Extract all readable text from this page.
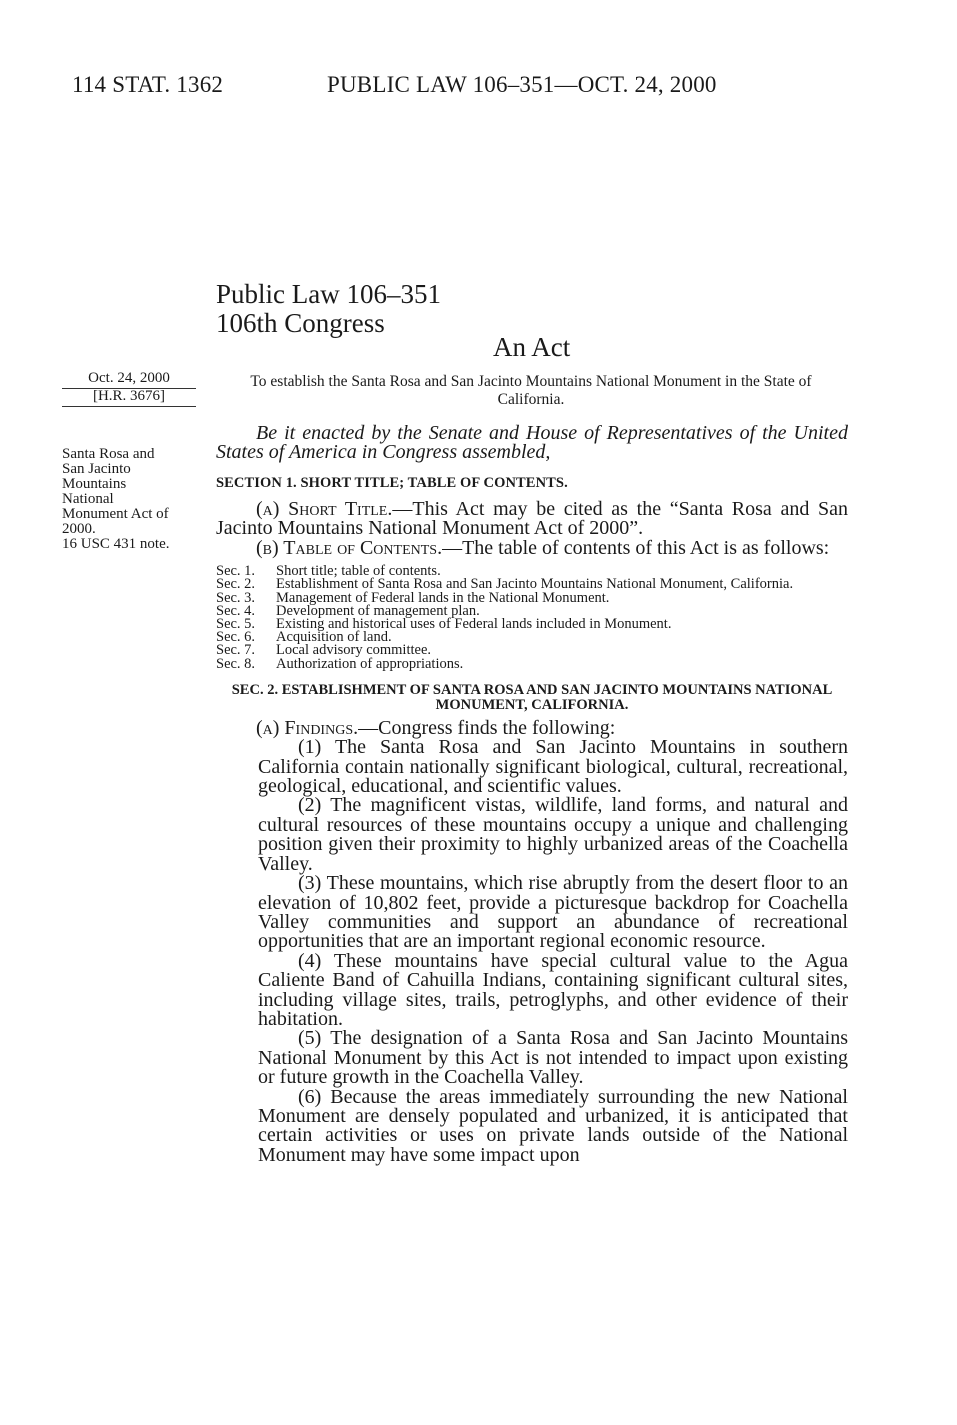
114 STAT. 1362	PUBLIC LAW 106–351—OCT. 24, 2000
Public Law 106–351
106th Congress
An Act
Oct. 24, 2000
[H.R. 3676]
Santa Rosa and
San Jacinto
Mountains
National
Monument Act of
2000.
16 USC 431 note.
To establish the Santa Rosa and San Jacinto Mountains National Monument in the State of California.

Be it enacted by the Senate and House of Representatives of the United States of America in Congress assembled,

SECTION 1. SHORT TITLE; TABLE OF CONTENTS.

(a) Short Title.—This Act may be cited as the “Santa Rosa and San Jacinto Mountains National Monument Act of 2000”.

(b) Table of Contents.—The table of contents of this Act is as follows:

Sec. 1.	Short title; table of contents.
Sec. 2.	Establishment of Santa Rosa and San Jacinto Mountains National Monument, California.
Sec. 3.	Management of Federal lands in the National Monument.
Sec. 4.	Development of management plan.
Sec. 5.	Existing and historical uses of Federal lands included in Monument.
Sec. 6.	Acquisition of land.
Sec. 7.	Local advisory committee.
Sec. 8.	Authorization of appropriations.
SEC. 2. ESTABLISHMENT OF SANTA ROSA AND SAN JACINTO MOUNTAINS NATIONAL MONUMENT, CALIFORNIA.

(a) Findings.—Congress finds the following:

(1) The Santa Rosa and San Jacinto Mountains in southern California contain nationally significant biological, cultural, recreational, geological, educational, and scientific values.

(2) The magnificent vistas, wildlife, land forms, and natural and cultural resources of these mountains occupy a unique and challenging position given their proximity to highly urbanized areas of the Coachella Valley.

(3) These mountains, which rise abruptly from the desert floor to an elevation of 10,802 feet, provide a picturesque backdrop for Coachella Valley communities and support an abundance of recreational opportunities that are an important regional economic resource.

(4) These mountains have special cultural value to the Agua Caliente Band of Cahuilla Indians, containing significant cultural sites, including village sites, trails, petroglyphs, and other evidence of their habitation.

(5) The designation of a Santa Rosa and San Jacinto Mountains National Monument by this Act is not intended to impact upon existing or future growth in the Coachella Valley.

(6) Because the areas immediately surrounding the new National Monument are densely populated and urbanized, it is anticipated that certain activities or uses on private lands outside of the National Monument may have some impact upon
